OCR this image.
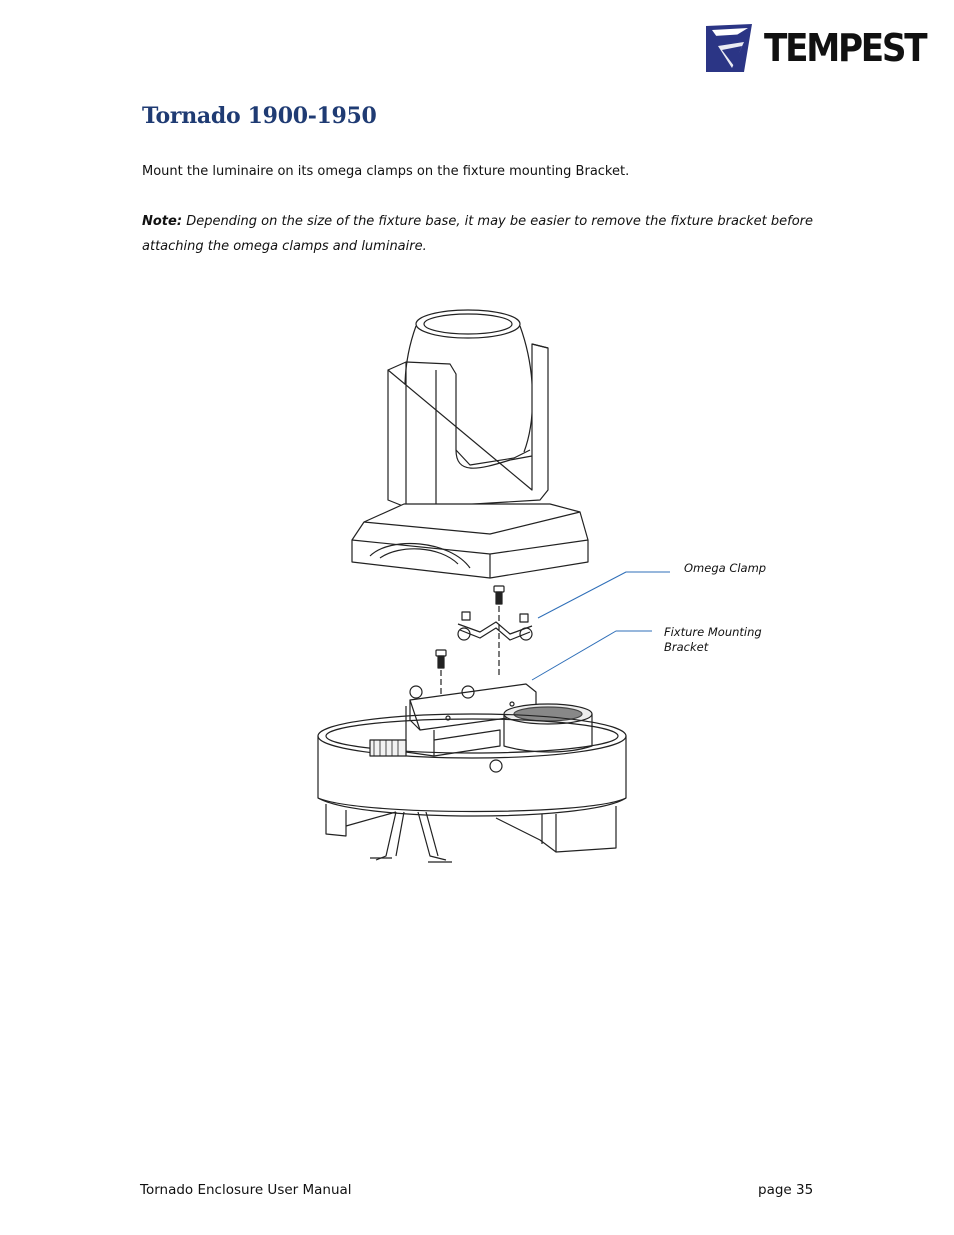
TEMPEST
Tornado 1900-1950

Mount the luminaire on its omega clamps on the fixture mounting Bracket.

Note: Depending on the size of the fixture base, it may be easier to remove the fixture bracket before attaching the omega clamps and luminaire.

Omega Clamp

Fixture Mounting
Bracket

Tornado Enclosure User Manual	page 35
